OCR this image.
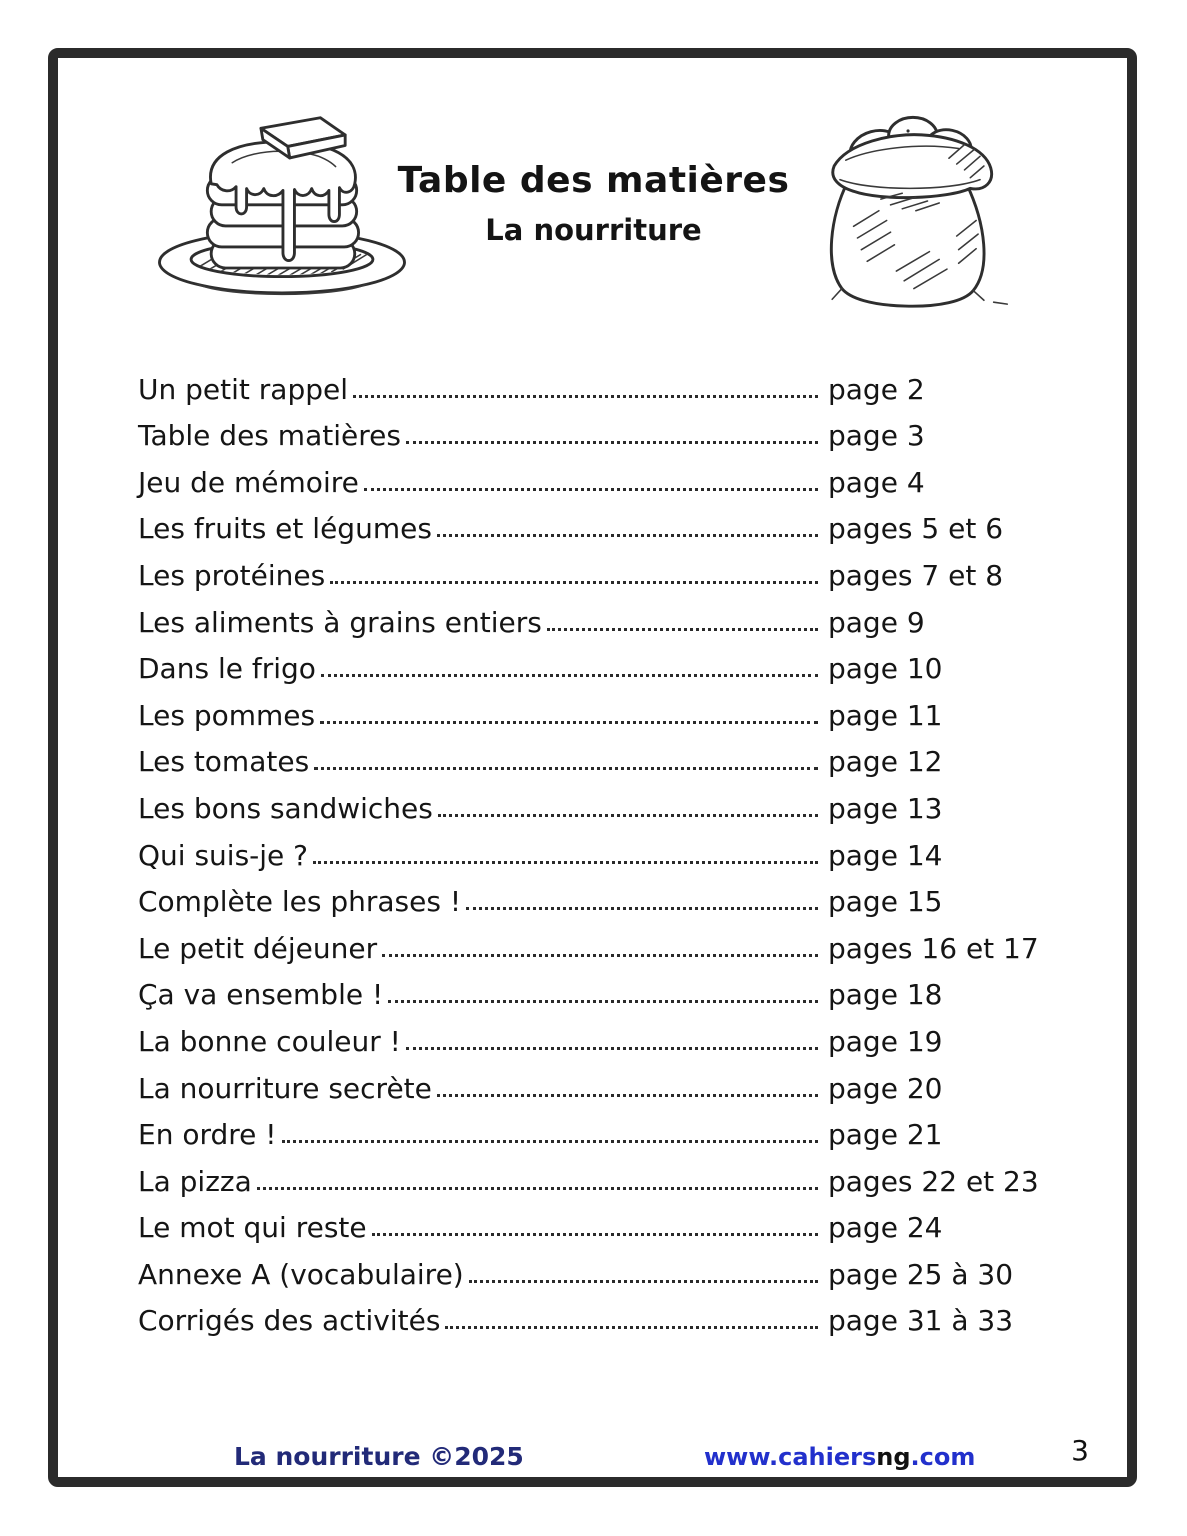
Table des matières
La nourriture
Un petit rappel	page 2
Table des matières	page 3
Jeu de mémoire	page 4
Les fruits et légumes	pages 5 et 6
Les protéines	pages 7 et 8
Les aliments à grains entiers	page 9
Dans le frigo	page 10
Les pommes	page 11
Les tomates	page 12
Les bons sandwiches	page 13
Qui suis-je ?	page 14
Complète les phrases !	page 15
Le petit déjeuner	pages 16 et 17
Ça va ensemble !	page 18
La bonne couleur !	page 19
La nourriture secrète	page 20
En ordre !	page 21
La pizza	pages 22 et 23
Le mot qui reste	page 24
Annexe A (vocabulaire)	page 25 à 30
Corrigés des activités	page 31 à 33
La nourriture ©2025	www.cahiersng.com	3
